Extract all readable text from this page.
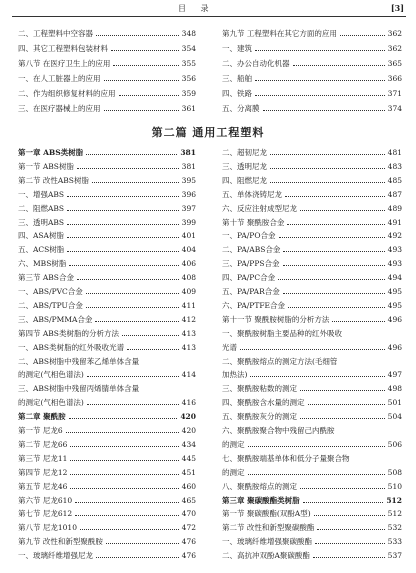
目 录	[3]
第二篇 通用工程塑料
二、工程塑料中空容器	348
四、其它工程塑料包装材料	354
第八节 在医疗卫生上的应用	355
一、在人工脏器上的应用	356
二、作为组织修复材料的应用	359
三、在医疗器械上的应用	361
第九节 工程塑料在其它方面的应用	362
一、建筑	362
二、办公自动化机器	365
三、船舶	366
四、铁路	371
五、分离膜	374
第一章 ABS类树脂	381
第一节 ABS树脂	381
第二节 改性ABS树脂	395
一、增强ABS	396
二、阻燃ABS	397
三、透明ABS	399
四、ASA树脂	401
五、ACS树脂	404
六、MBS树脂	406
第三节 ABS合金	408
一、ABS/PVC合金	409
二、ABS/TPU合金	411
三、ABS/PMMA合金	412
第四节 ABS类树脂的分析方法	413
一、ABS类树脂的红外吸收光谱	413
二、ABS树脂中残留苯乙烯单体含量
的测定(气相色谱法)	414
三、ABS树脂中残留丙烯腈单体含量
的测定(气相色谱法)	416
第二章 聚酰胺	420
第一节 尼龙6	420
第二节 尼龙66	434
第三节 尼龙11	445
第四节 尼龙12	451
第五节 尼龙46	460
第六节 尼龙610	465
第七节 尼龙612	470
第八节 尼龙1010	472
第九节 改性和新型聚酰胺	476
一、玻璃纤维增强尼龙	476
二、超韧尼龙	481
三、透明尼龙	483
四、阻燃尼龙	485
五、单体浇铸尼龙	487
六、反应注射成型尼龙	489
第十节 聚酰胺合金	491
一、PA/PO合金	492
二、PA/ABS合金	493
三、PA/PPS合金	493
四、PA/PC合金	494
五、PA/PAR合金	495
六、PA/PTFE合金	495
第十一节 聚酰胺树脂的分析方法	496
一、聚酰胺树脂主要品种的红外吸收
光谱	496
二、聚酰胺熔点的测定方法(毛细管
加热法)	497
三、聚酰胺粘数的测定	498
四、聚酰胺含水量的测定	501
五、聚酰胺灰分的测定	504
六、聚酰胺聚合物中残留己内酰胺
的测定	506
七、聚酰胺端基单体和低分子量聚合物
的测定	508
八、聚酰胺熔点的测定	510
第三章 聚碳酸酯类树脂	512
第一节 聚碳酸酯(双酚A型)	512
第二节 改性和新型聚碳酸酯	532
一、玻璃纤维增强聚碳酸酯	533
二、高抗冲双酚A聚碳酸酯	537
